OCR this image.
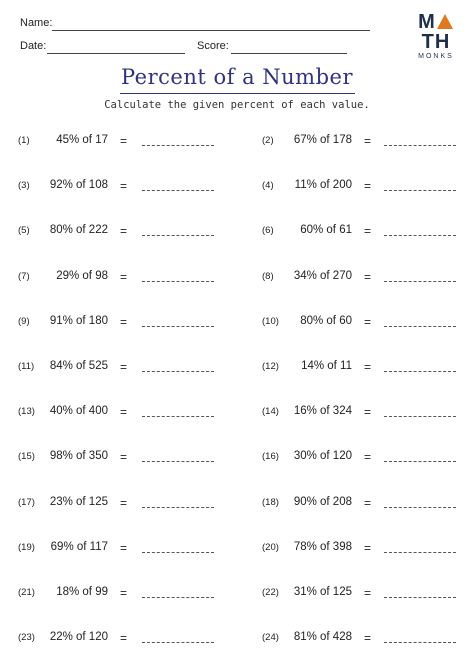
Name:
Date:	Score:
MTH
MONKS
Percent of a Number
Calculate the given percent of each value.
(1)	45% of 17 =	(2)	67% of 178 =
(3)	92% of 108 =	(4)	11% of 200 =
(5)	80% of 222 =	(6)	60% of 61 =
(7)	29% of 98 =	(8)	34% of 270 =
(9)	91% of 180 =	(10)	80% of 60 =
(11)	84% of 525 =	(12)	14% of 11 =
(13)	40% of 400 =	(14)	16% of 324 =
(15)	98% of 350 =	(16)	30% of 120 =
(17)	23% of 125 =	(18)	90% of 208 =
(19)	69% of 117 =	(20)	78% of 398 =
(21)	18% of 99 =	(22)	31% of 125 =
(23)	22% of 120 =	(24)	81% of 428 =
